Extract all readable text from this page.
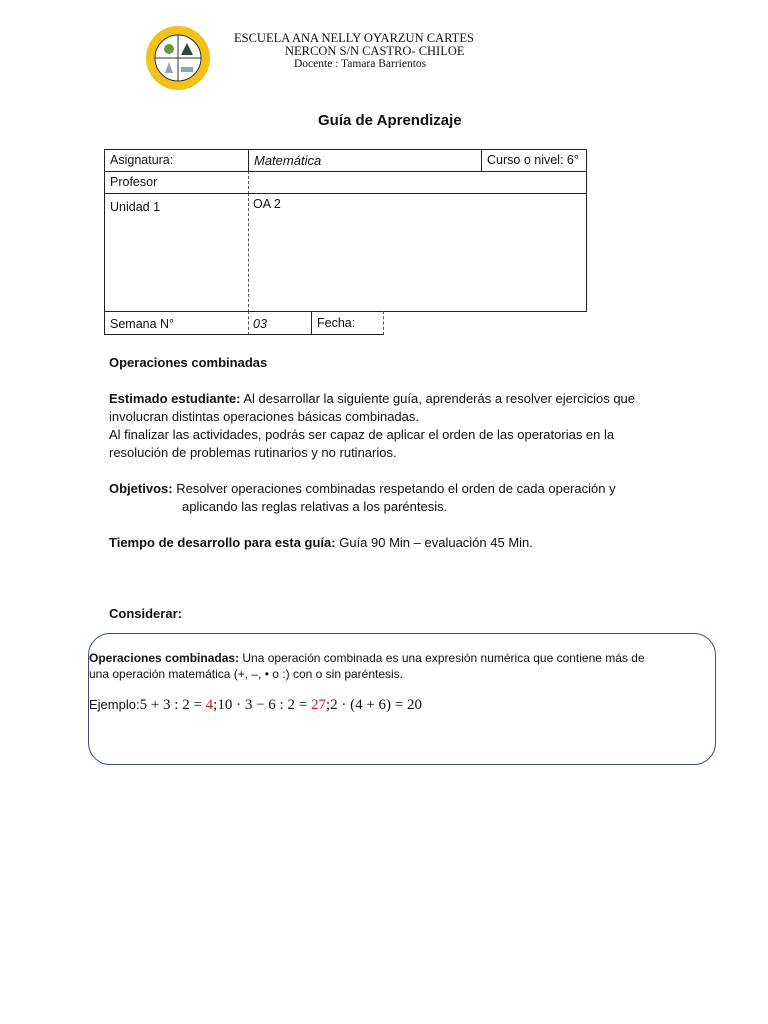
ESCUELA ANA NELLY OYARZUN CARTES
NERCON S/N CASTRO- CHILOE
Docente : Tamara Barrientos
Guía de Aprendizaje
Asignatura:	Matemática	Curso o nivel: 6°
Profesor
Unidad 1	OA 2
Semana N°	03	Fecha:
Operaciones combinadas
Estimado estudiante: Al desarrollar la siguiente guía, aprenderás a resolver ejercicios que
involucran distintas operaciones básicas combinadas.
Al finalizar las actividades, podrás ser capaz de aplicar el orden de las operatorias en la
resolución de problemas rutinarios y no rutinarios.
Objetivos: Resolver operaciones combinadas respetando el orden de cada operación y
aplicando las reglas relativas a los paréntesis.
Tiempo de desarrollo para esta guía: Guía 90 Min – evaluación 45 Min.
Considerar:
Operaciones combinadas: Una operación combinada es una expresión numérica que contiene más de
una operación matemática (+, –, • o :) con o sin paréntesis.
Ejemplo:5 + 3 : 2 = 4;10 · 3 − 6 : 2 = 27;2 · (4 + 6) = 20
